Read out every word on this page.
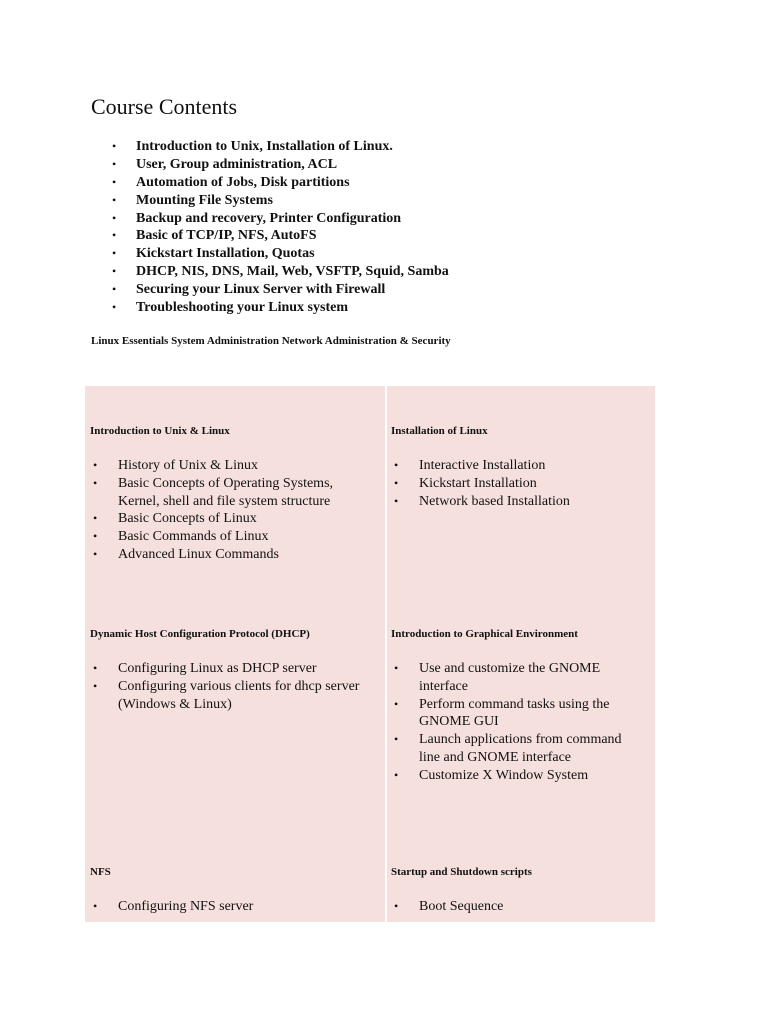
Course Contents
• Introduction to Unix, Installation of Linux.
• User, Group administration, ACL
• Automation of Jobs, Disk partitions
• Mounting File Systems
• Backup and recovery, Printer Configuration
• Basic of TCP/IP, NFS, AutoFS
• Kickstart Installation, Quotas
• DHCP, NIS, DNS, Mail, Web, VSFTP, Squid, Samba
• Securing your Linux Server with Firewall
• Troubleshooting your Linux system

Linux Essentials System Administration Network Administration & Security

Introduction to Unix & Linux

• History of Unix & Linux
• Basic Concepts of Operating Systems, Kernel, shell and file system structure
• Basic Concepts of Linux
• Basic Commands of Linux
• Advanced Linux Commands

Installation of Linux

• Interactive Installation
• Kickstart Installation
• Network based Installation

Dynamic Host Configuration Protocol (DHCP)

• Configuring Linux as DHCP server
• Configuring various clients for dhcp server (Windows & Linux)

Introduction to Graphical Environment

• Use and customize the GNOME interface
• Perform command tasks using the GNOME GUI
• Launch applications from command line and GNOME interface
• Customize X Window System

NFS

• Configuring NFS server

Startup and Shutdown scripts

• Boot Sequence
